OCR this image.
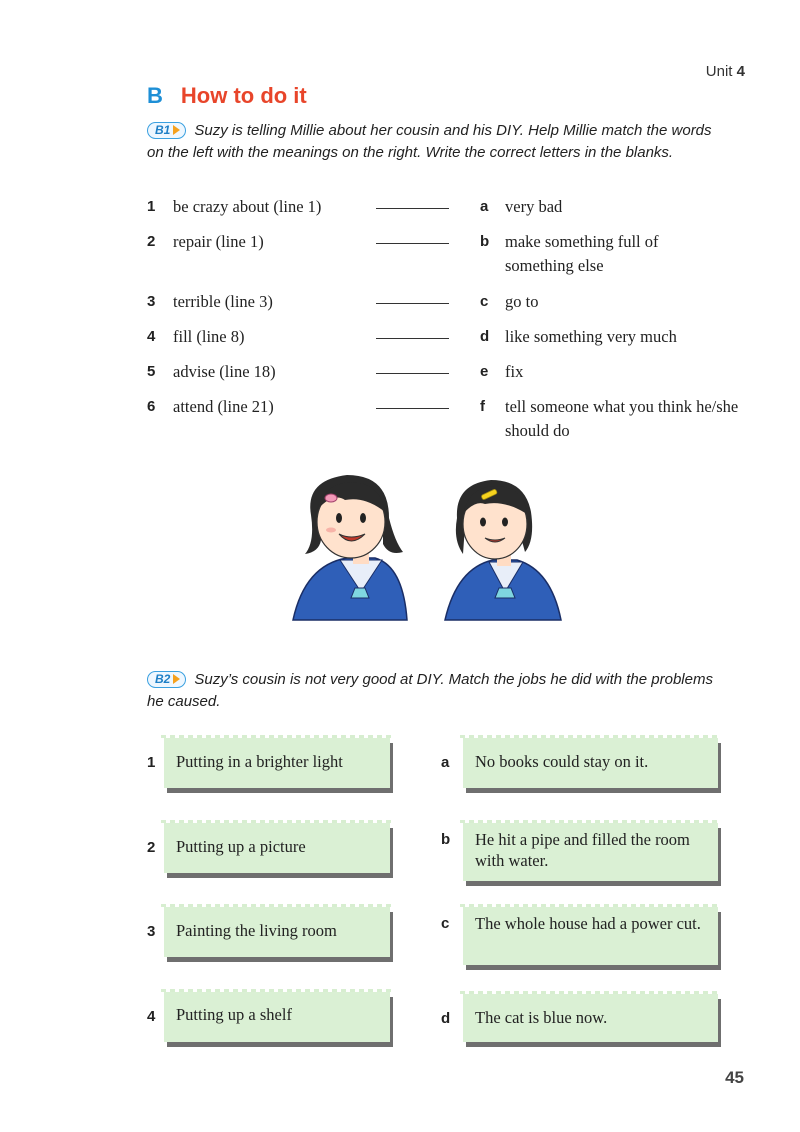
Unit 4
B How to do it
B1 Suzy is telling Millie about her cousin and his DIY. Help Millie match the words on the left with the meanings on the right. Write the correct letters in the blanks.
1 be crazy about (line 1)	a very bad
2 repair (line 1)	b make something full of something else
3 terrible (line 3)	c go to
4 fill (line 8)	d like something very much
5 advise (line 18)	e fix
6 attend (line 21)	f tell someone what you think he/she should do
B2 Suzy’s cousin is not very good at DIY. Match the jobs he did with the problems he caused.
1	Putting in a brighter light
2	Putting up a picture
3	Painting the living room
4	Putting up a shelf
a	No books could stay on it.
b	He hit a pipe and filled the room with water.
c	The whole house had a power cut.
d	The cat is blue now.
45
